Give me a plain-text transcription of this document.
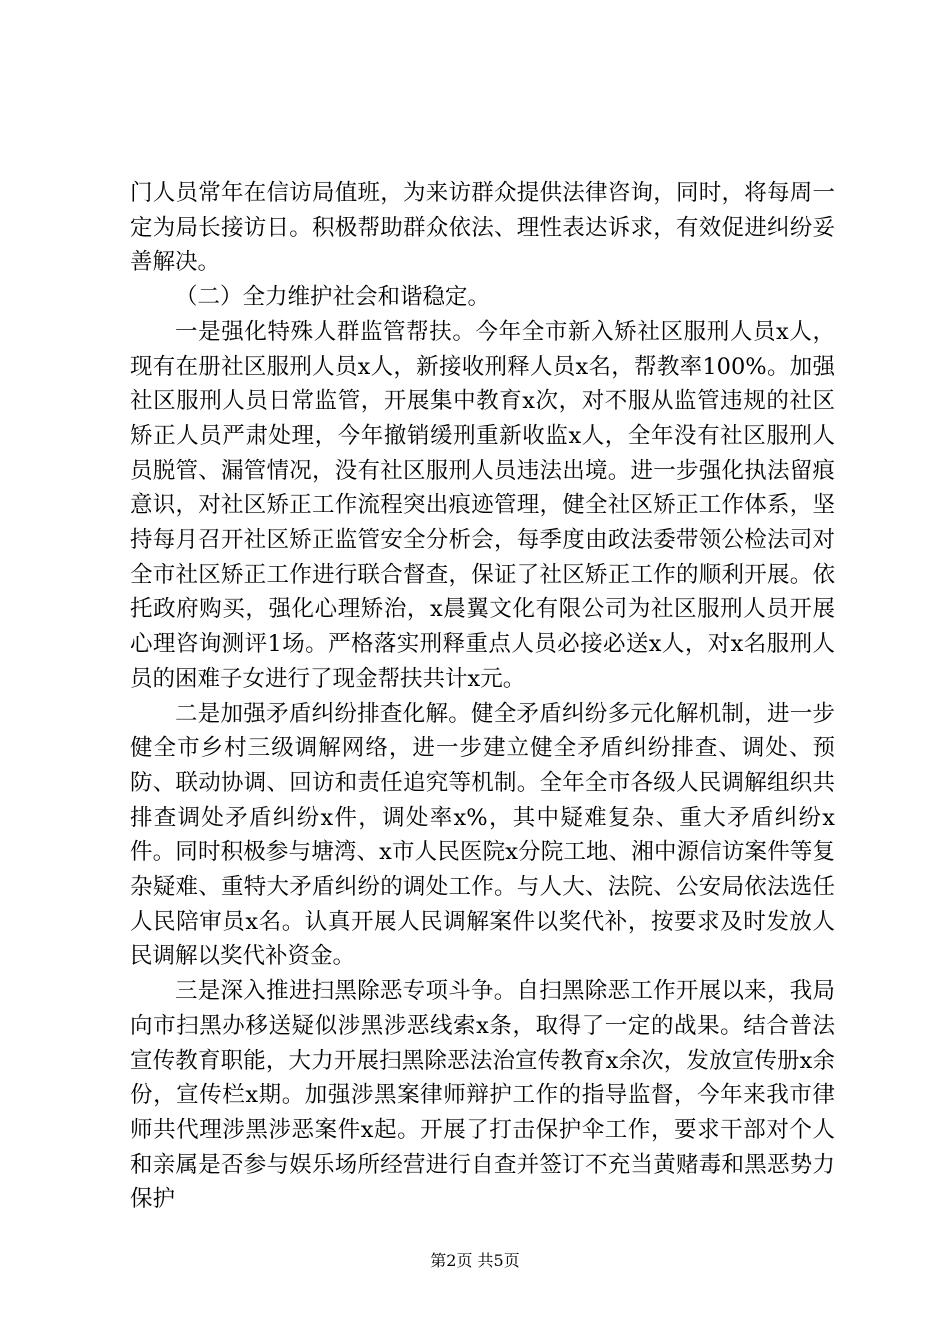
门人员常年在信访局值班，为来访群众提供法律咨询，同时，将每周一定为局长接访日。积极帮助群众依法、理性表达诉求，有效促进纠纷妥善解决。

（二）全力维护社会和谐稳定。

一是强化特殊人群监管帮扶。今年全市新入矫社区服刑人员x人，现有在册社区服刑人员x人，新接收刑释人员x名，帮教率100%。加强社区服刑人员日常监管，开展集中教育x次，对不服从监管违规的社区矫正人员严肃处理，今年撤销缓刑重新收监x人，全年没有社区服刑人员脱管、漏管情况，没有社区服刑人员违法出境。进一步强化执法留痕意识，对社区矫正工作流程突出痕迹管理，健全社区矫正工作体系，坚持每月召开社区矫正监管安全分析会，每季度由政法委带领公检法司对全市社区矫正工作进行联合督查，保证了社区矫正工作的顺利开展。依托政府购买，强化心理矫治，x晨翼文化有限公司为社区服刑人员开展心理咨询测评1场。严格落实刑释重点人员必接必送x人，对x名服刑人员的困难子女进行了现金帮扶共计x元。

二是加强矛盾纠纷排查化解。健全矛盾纠纷多元化解机制，进一步健全市乡村三级调解网络，进一步建立健全矛盾纠纷排查、调处、预防、联动协调、回访和责任追究等机制。全年全市各级人民调解组织共排查调处矛盾纠纷x件，调处率x%，其中疑难复杂、重大矛盾纠纷x件。同时积极参与塘湾、x市人民医院x分院工地、湘中源信访案件等复杂疑难、重特大矛盾纠纷的调处工作。与人大、法院、公安局依法选任人民陪审员x名。认真开展人民调解案件以奖代补，按要求及时发放人民调解以奖代补资金。

三是深入推进扫黑除恶专项斗争。自扫黑除恶工作开展以来，我局向市扫黑办移送疑似涉黑涉恶线索x条，取得了一定的战果。结合普法宣传教育职能，大力开展扫黑除恶法治宣传教育x余次，发放宣传册x余份，宣传栏x期。加强涉黑案律师辩护工作的指导监督，今年来我市律师共代理涉黑涉恶案件x起。开展了打击保护伞工作，要求干部对个人和亲属是否参与娱乐场所经营进行自查并签订不充当黄赌毒和黑恶势力保护

第2页 共5页
